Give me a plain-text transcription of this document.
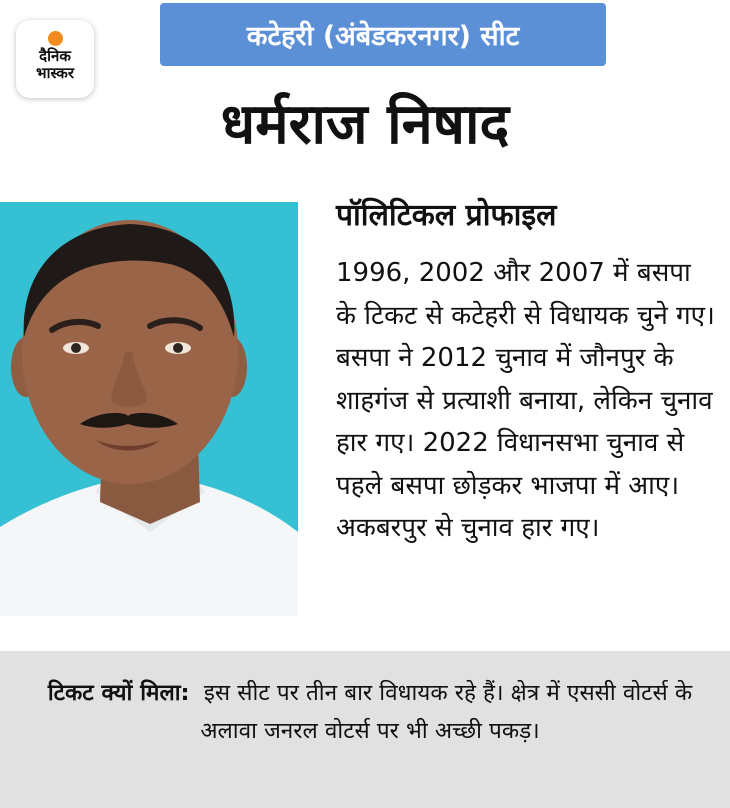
दैनिक
भास्कर
कटेहरी (अंबेडकरनगर) सीट
धर्मराज निषाद
पॉलिटिकल प्रोफाइल
1996, 2002 और 2007 में बसपा के टिकट से कटेहरी से विधायक चुने गए। बसपा ने 2012 चुनाव में जौनपुर के शाहगंज से प्रत्याशी बनाया, लेकिन चुनाव हार गए। 2022 विधानसभा चुनाव से पहले बसपा छोड़कर भाजपा में आए। अकबरपुर से चुनाव हार गए।
टिकट क्यों मिला: इस सीट पर तीन बार विधायक रहे हैं। क्षेत्र में एससी वोटर्स के अलावा जनरल वोटर्स पर भी अच्छी पकड़।
